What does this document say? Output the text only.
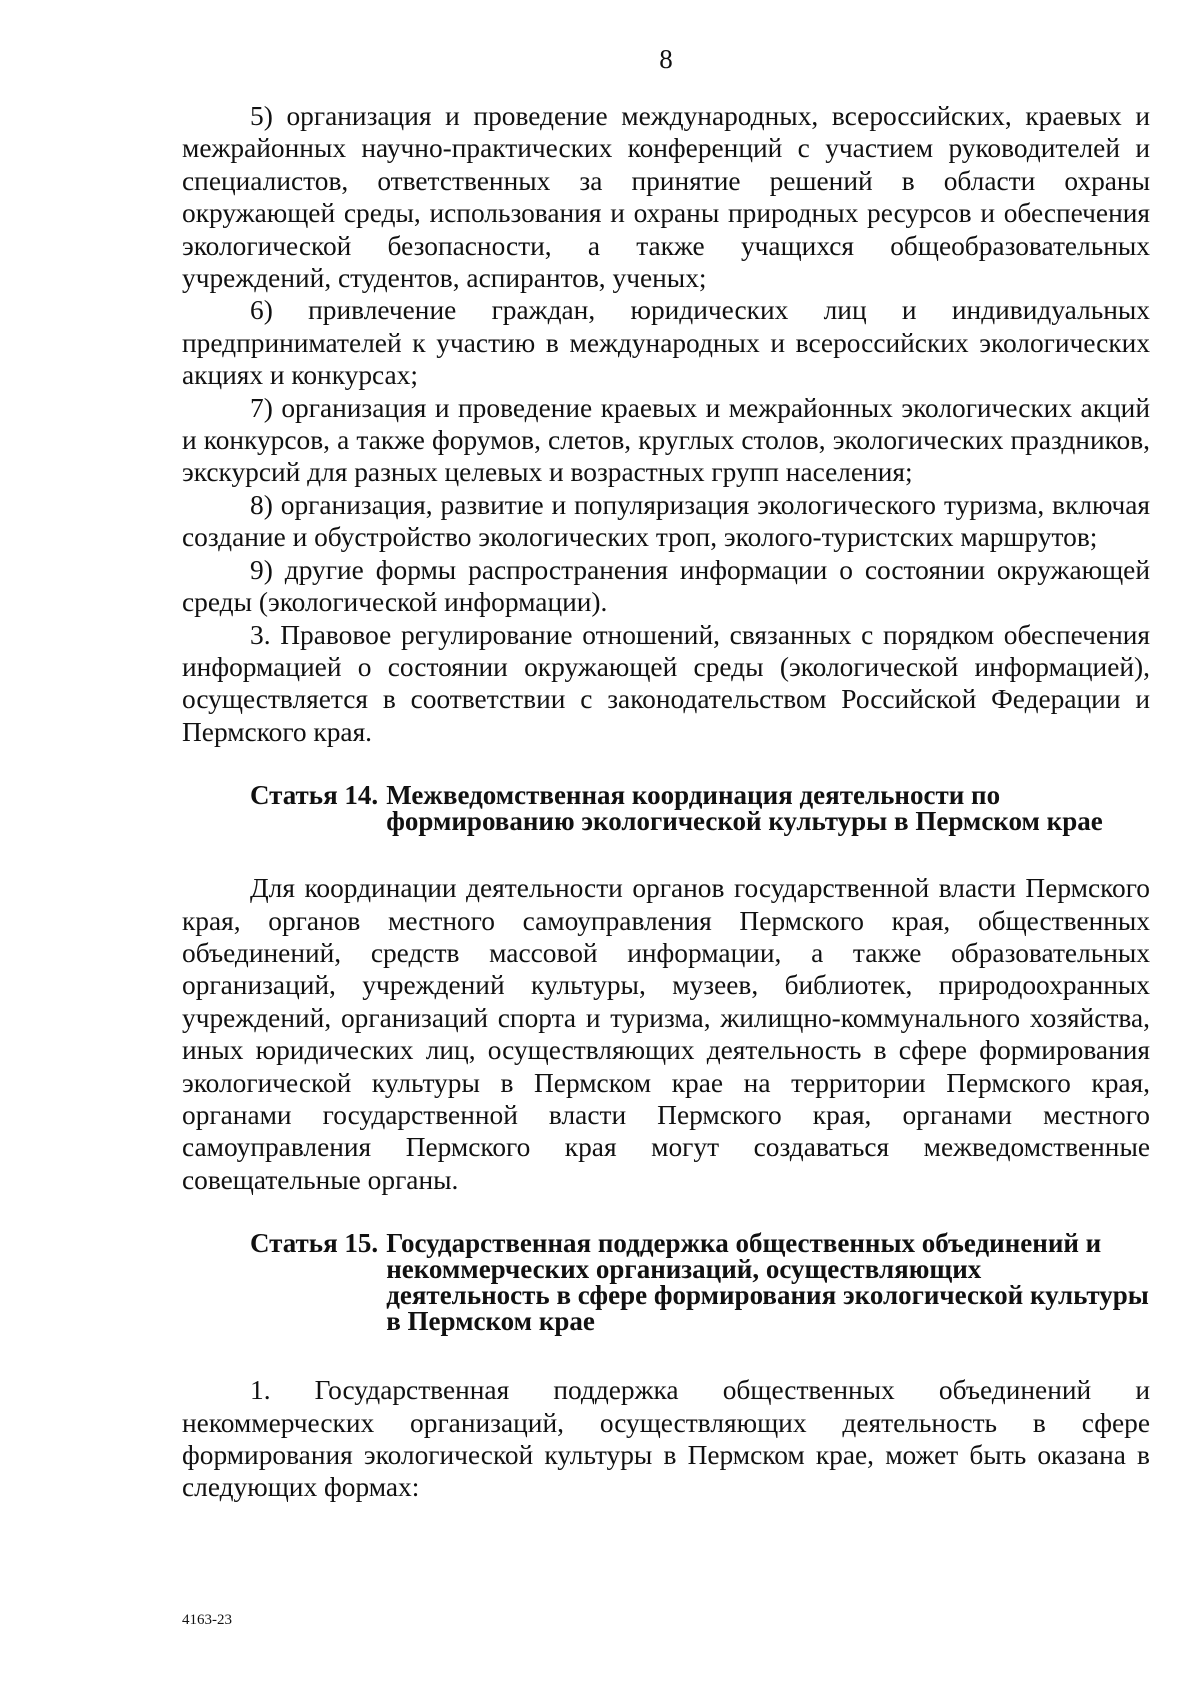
8

5) организация и проведение международных, всероссийских, краевых и межрайонных научно-практических конференций с участием руководителей и специалистов, ответственных за принятие решений в области охраны окружающей среды, использования и охраны природных ресурсов и обеспечения экологической безопасности, а также учащихся общеобразовательных учреждений, студентов, аспирантов, ученых;

6) привлечение граждан, юридических лиц и индивидуальных предпринимателей к участию в международных и всероссийских экологических акциях и конкурсах;

7) организация и проведение краевых и межрайонных экологических акций и конкурсов, а также форумов, слетов, круглых столов, экологических праздников, экскурсий для разных целевых и возрастных групп населения;

8) организация, развитие и популяризация экологического туризма, включая создание и обустройство экологических троп, эколого-туристских маршрутов;

9) другие формы распространения информации о состоянии окружающей среды (экологической информации).

3. Правовое регулирование отношений, связанных с порядком обеспечения информацией о состоянии окружающей среды (экологической информацией), осуществляется в соответствии с законодательством Российской Федерации и Пермского края.

Статья 14. Межведомственная координация деятельности по формированию экологической культуры в Пермском крае

Для координации деятельности органов государственной власти Пермского края, органов местного самоуправления Пермского края, общественных объединений, средств массовой информации, а также образовательных организаций, учреждений культуры, музеев, библиотек, природоохранных учреждений, организаций спорта и туризма, жилищно-коммунального хозяйства, иных юридических лиц, осуществляющих деятельность в сфере формирования экологической культуры в Пермском крае на территории Пермского края, органами государственной власти Пермского края, органами местного самоуправления Пермского края могут создаваться межведомственные совещательные органы.

Статья 15. Государственная поддержка общественных объединений и некоммерческих организаций, осуществляющих деятельность в сфере формирования экологической культуры в Пермском крае

1. Государственная поддержка общественных объединений и некоммерческих организаций, осуществляющих деятельность в сфере формирования экологической культуры в Пермском крае, может быть оказана в следующих формах:

4163-23
